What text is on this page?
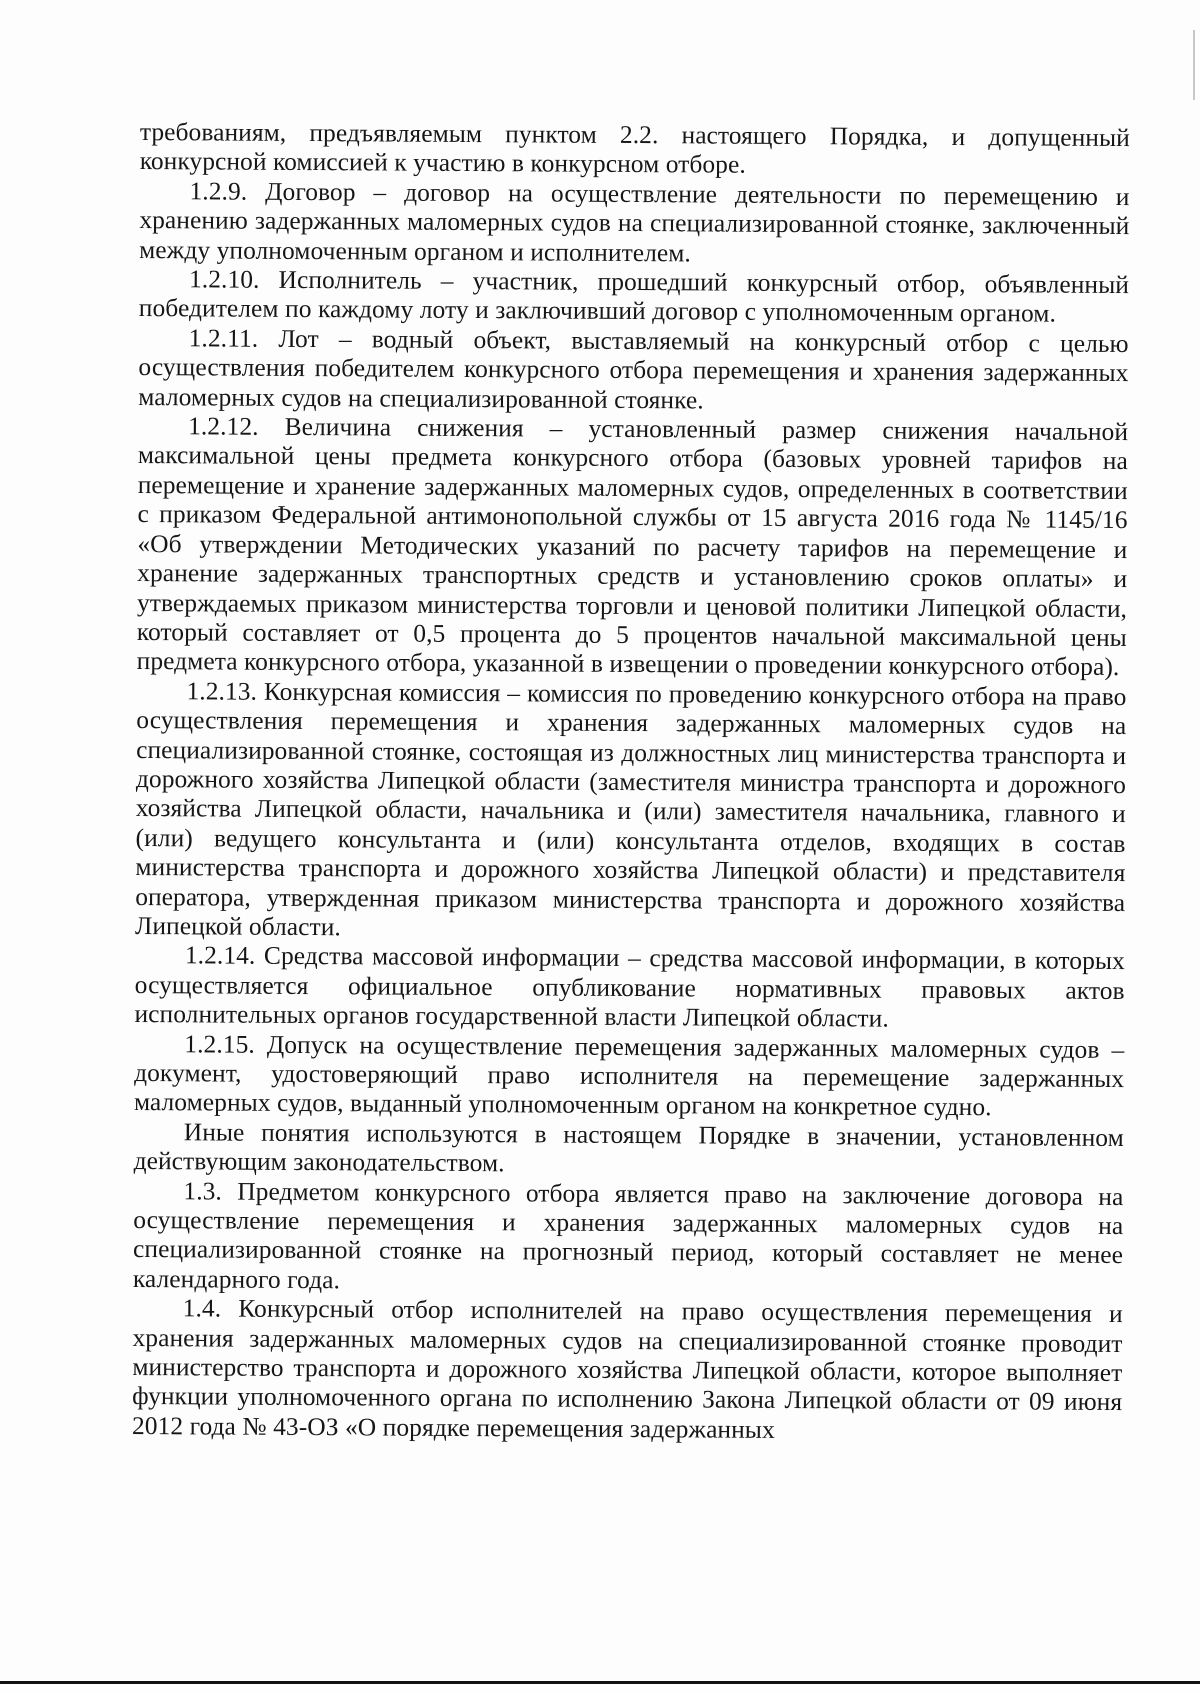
требованиям, предъявляемым пунктом 2.2. настоящего Порядка, и допущенный конкурсной комиссией к участию в конкурсном отборе.

1.2.9. Договор – договор на осуществление деятельности по перемещению и хранению задержанных маломерных судов на специализированной стоянке, заключенный между уполномоченным органом и исполнителем.

1.2.10. Исполнитель – участник, прошедший конкурсный отбор, объявленный победителем по каждому лоту и заключивший договор с уполномоченным органом.

1.2.11. Лот – водный объект, выставляемый на конкурсный отбор с целью осуществления победителем конкурсного отбора перемещения и хранения задержанных маломерных судов на специализированной стоянке.

1.2.12. Величина снижения – установленный размер снижения начальной максимальной цены предмета конкурсного отбора (базовых уровней тарифов на перемещение и хранение задержанных маломерных судов, определенных в соответствии с приказом Федеральной антимонопольной службы от 15 августа 2016 года № 1145/16 «Об утверждении Методических указаний по расчету тарифов на перемещение и хранение задержанных транспортных средств и установлению сроков оплаты» и утверждаемых приказом министерства торговли и ценовой политики Липецкой области, который составляет от 0,5 процента до 5 процентов начальной максимальной цены предмета конкурсного отбора, указанной в извещении о проведении конкурсного отбора).

1.2.13. Конкурсная комиссия – комиссия по проведению конкурсного отбора на право осуществления перемещения и хранения задержанных маломерных судов на специализированной стоянке, состоящая из должностных лиц министерства транспорта и дорожного хозяйства Липецкой области (заместителя министра транспорта и дорожного хозяйства Липецкой области, начальника и (или) заместителя начальника, главного и (или) ведущего консультанта и (или) консультанта отделов, входящих в состав министерства транспорта и дорожного хозяйства Липецкой области) и представителя оператора, утвержденная приказом министерства транспорта и дорожного хозяйства Липецкой области.

1.2.14. Средства массовой информации – средства массовой информации, в которых осуществляется официальное опубликование нормативных правовых актов исполнительных органов государственной власти Липецкой области.

1.2.15. Допуск на осуществление перемещения задержанных маломерных судов – документ, удостоверяющий право исполнителя на перемещение задержанных маломерных судов, выданный уполномоченным органом на конкретное судно.

Иные понятия используются в настоящем Порядке в значении, установленном действующим законодательством.

1.3. Предметом конкурсного отбора является право на заключение договора на осуществление перемещения и хранения задержанных маломерных судов на специализированной стоянке на прогнозный период, который составляет не менее календарного года.

1.4. Конкурсный отбор исполнителей на право осуществления перемещения и хранения задержанных маломерных судов на специализированной стоянке проводит министерство транспорта и дорожного хозяйства Липецкой области, которое выполняет функции уполномоченного органа по исполнению Закона Липецкой области от 09 июня 2012 года № 43-ОЗ «О порядке перемещения задержанных
